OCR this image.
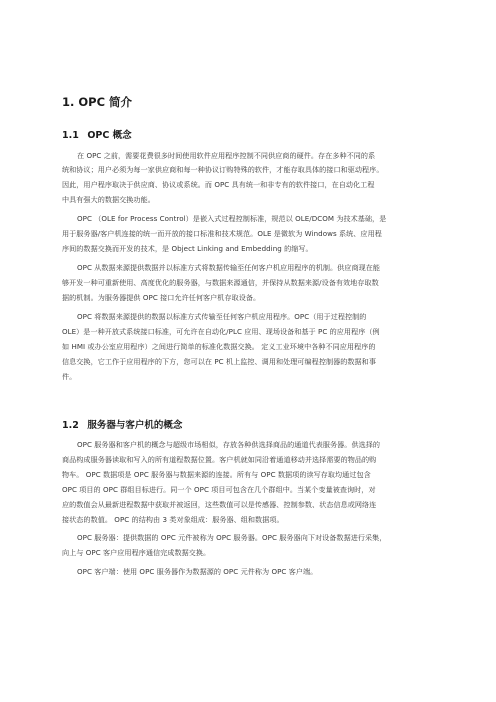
1. OPC 简介
1.1 OPC 概念
在 OPC 之前，需要花费很多时间使用软件应用程序控制不同供应商的硬件。存在多种不同的系
统和协议；用户必须为每一家供应商和每一种协议订购特殊的软件，才能存取具体的接口和驱动程序。
因此，用户程序取决于供应商、协议或系统。而 OPC 具有统一和非专有的软件接口，在自动化工程
中具有强大的数据交换功能。
OPC （OLE for Process Control）是嵌入式过程控制标准，规范以 OLE/DCOM 为技术基础，是
用于服务器/客户机连接的统一而开放的接口标准和技术规范。OLE 是微软为 Windows 系统、应用程
序间的数据交换而开发的技术，是 Object Linking and Embedding 的缩写。
OPC 从数据来源提供数据并以标准方式将数据传输至任何客户机应用程序的机制。供应商现在能
够开发一种可重新使用、高度优化的服务器，与数据来源通信，并保持从数据来源/设备有效地存取数
据的机制。为服务器提供 OPC 接口允许任何客户机存取设备。
OPC 将数据来源提供的数据以标准方式传输至任何客户机应用程序。OPC（用于过程控制的
OLE）是一种开放式系统接口标准，可允许在自动化/PLC 应用、现场设备和基于 PC 的应用程序（例
如 HMI 或办公室应用程序）之间进行简单的标准化数据交换。 定义工业环境中各种不同应用程序的
信息交换，它工作于应用程序的下方，您可以在 PC 机上监控、调用和处理可编程控制器的数据和事
件。
1.2 服务器与客户机的概念
OPC 服务器和客户机的概念与超级市场相似，存放各种供选择商品的通道代表服务器。供选择的
商品构成服务器读取和写入的所有道程数据位置。客户机就如同沿着通道移动并选择需要的物品的购
物车。 OPC 数据项是 OPC 服务器与数据来源的连接。所有与 OPC 数据项的读写存取均通过包含
OPC 项目的 OPC 群组目标进行。同一个 OPC 项目可包含在几个群组中。当某个变量被查询时，对
应的数值会从最新进程数据中获取并被返回，这些数值可以是传感器、控制参数、状态信息或网络连
接状态的数值。 OPC 的结构由 3 类对象组成：服务器、组和数据项。
OPC 服务器：提供数据的 OPC 元件被称为 OPC 服务器。OPC 服务器向下对设备数据进行采集，
向上与 OPC 客户应用程序通信完成数据交换。
OPC 客户端：使用 OPC 服务器作为数据源的 OPC 元件称为 OPC 客户端。
